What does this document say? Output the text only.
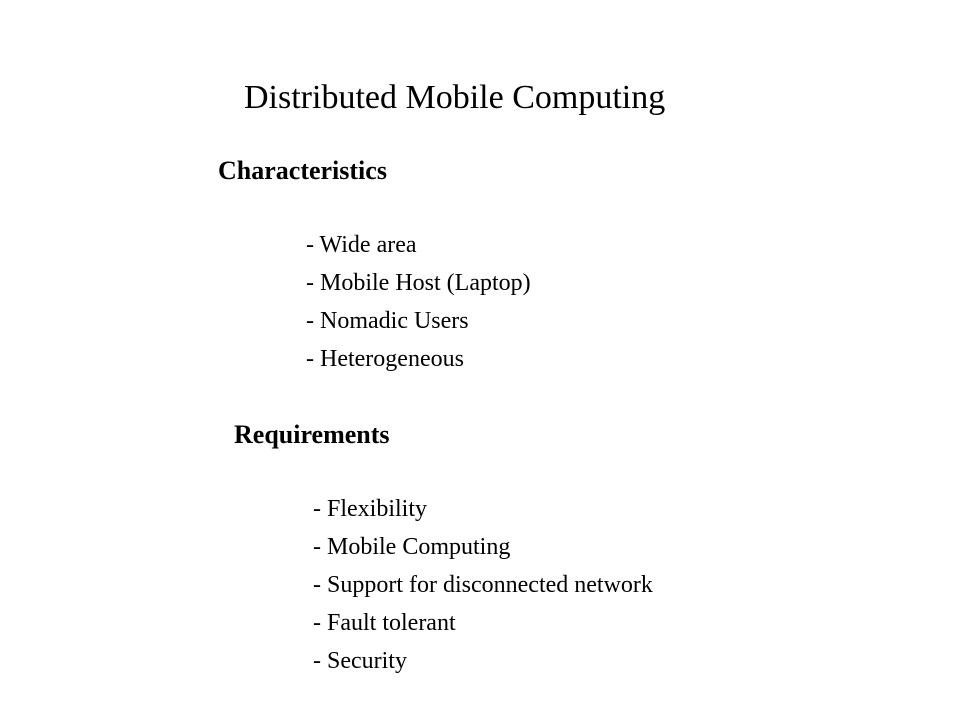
Distributed Mobile Computing
Characteristics
- Wide area
- Mobile Host (Laptop)
- Nomadic Users
- Heterogeneous
Requirements
- Flexibility
- Mobile Computing
- Support for disconnected network
- Fault tolerant
- Security
